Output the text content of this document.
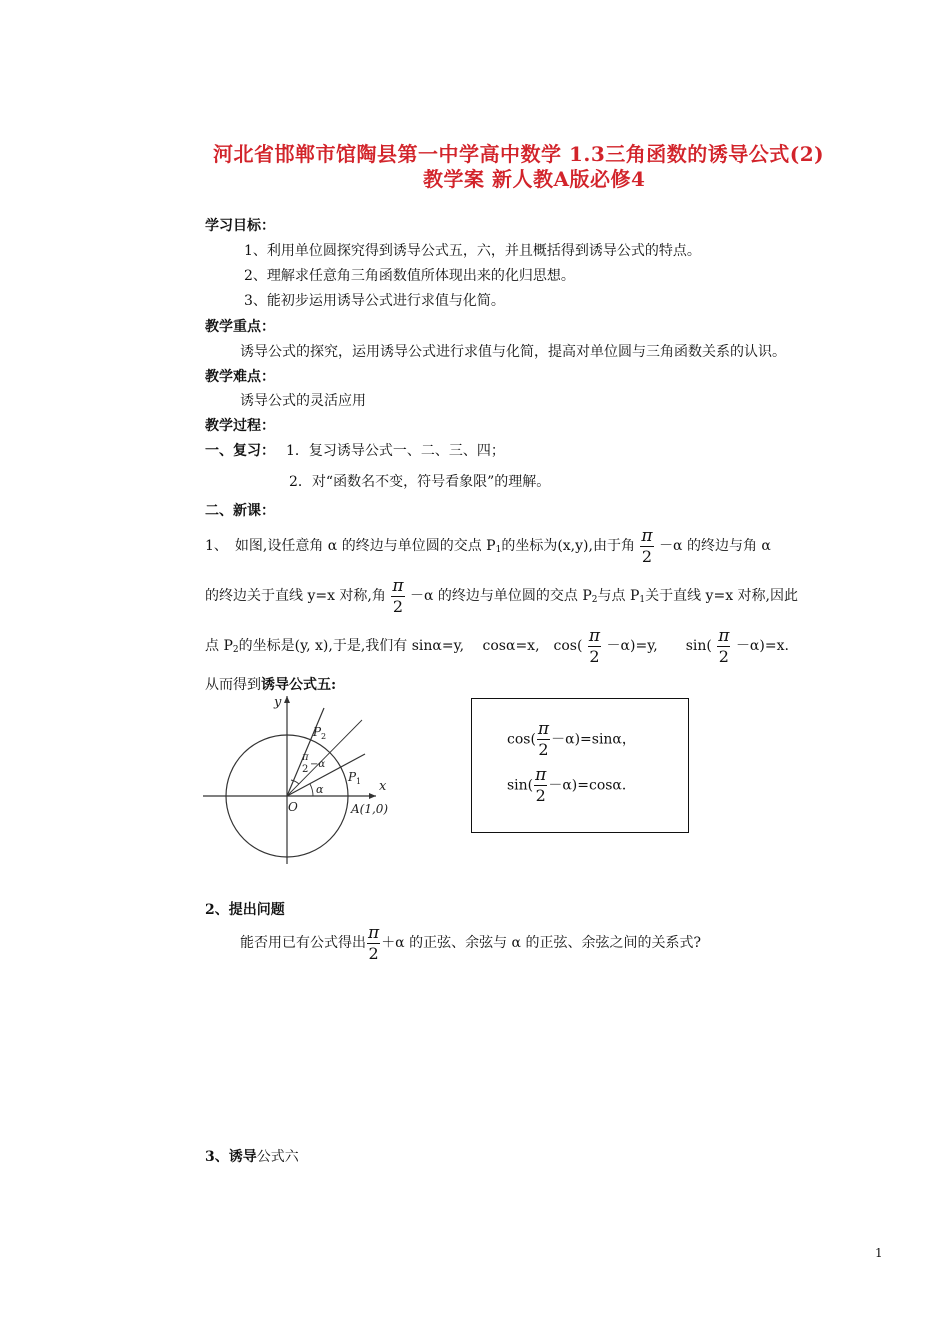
河北省邯郸市馆陶县第一中学高中数学 1.3三角函数的诱导公式(2)
教学案 新人教A版必修4
学习目标：
1、利用单位圆探究得到诱导公式五，六，并且概括得到诱导公式的特点。
2、理解求任意角三角函数值所体现出来的化归思想。
3、能初步运用诱导公式进行求值与化简。
教学重点：
诱导公式的探究，运用诱导公式进行求值与化简，提高对单位圆与三角函数关系的认识。
教学难点：
诱导公式的灵活应用
教学过程：
一、复习： 1．复习诱导公式一、二、三、四；
2．对“函数名不变，符号看象限”的理解。
二、新课：
1、　如图,设任意角 α 的终边与单位圆的交点 $P_1$的坐标为(x,y),由于角 $\frac{\pi}{2} -\alpha$ 的终边与角 α
的终边关于直线 y=x 对称,角 $\frac{\pi}{2} -\alpha$ 的终边与单位圆的交点 $P_2$与点 $P_1$关于直线 y=x 对称,因此
点 $P_2$的坐标是(y, x),于是,我们有 sinα=y,　 cosα=x,　$\cos( \frac{\pi}{2} -\alpha)=y$,　　$\sin( \frac{\pi}{2} -\alpha)=x$.
从而得到诱导公式五:
y
x
P 2
P 1
O
α
π
2 −α
A(1,0)
$\cos( \frac{\pi}{2} -\alpha)=\sin\alpha$，
$\sin( \frac{\pi}{2} -\alpha)=\cos\alpha$．
2、提出问题
能否用已有公式得出 $\frac{\pi}{2} +\alpha$ 的正弦、余弦与 α 的正弦、余弦之间的关系式?
3、诱导公式六
1
